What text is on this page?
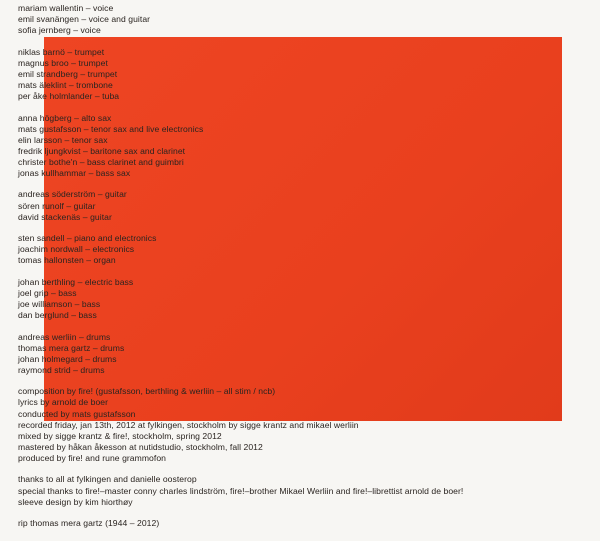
mariam wallentin – voice
emil svanängen – voice and guitar
sofia jernberg – voice
niklas barnö – trumpet
magnus broo – trumpet
emil strandberg – trumpet
mats äleklint – trombone
per åke holmlander – tuba
anna högberg – alto sax
mats gustafsson – tenor sax and live electronics
elin larsson – tenor sax
fredrik ljungkvist – baritone sax and clarinet
christer bothe'n – bass clarinet and guimbri
jonas kullhammar – bass sax
andreas söderström – guitar
sören runolf – guitar
david stackenäs – guitar
sten sandell – piano and electronics
joachim nordwall – electronics
tomas hallonsten – organ
johan berthling – electric bass
joel grip – bass
joe williamson – bass
dan berglund – bass
andreas werliin – drums
thomas mera gartz – drums
johan holmegard – drums
raymond strid – drums
composition by fire! (gustafsson, berthling & werliin – all stim / ncb)
lyrics by arnold de boer
conducted by mats gustafsson
recorded friday, jan 13th, 2012 at fylkingen, stockholm by sigge krantz and mikael werliin
mixed by sigge krantz & fire!, stockholm, spring 2012
mastered by håkan åkesson at nutidstudio, stockholm, fall 2012
produced by fire! and rune grammofon
thanks to all at fylkingen and danielle oosterop
special thanks to fire!–master conny charles lindström, fire!–brother Mikael Werliin and fire!–librettist arnold de boer!
sleeve design by kim hiorthøy
rip thomas mera gartz (1944 – 2012)
